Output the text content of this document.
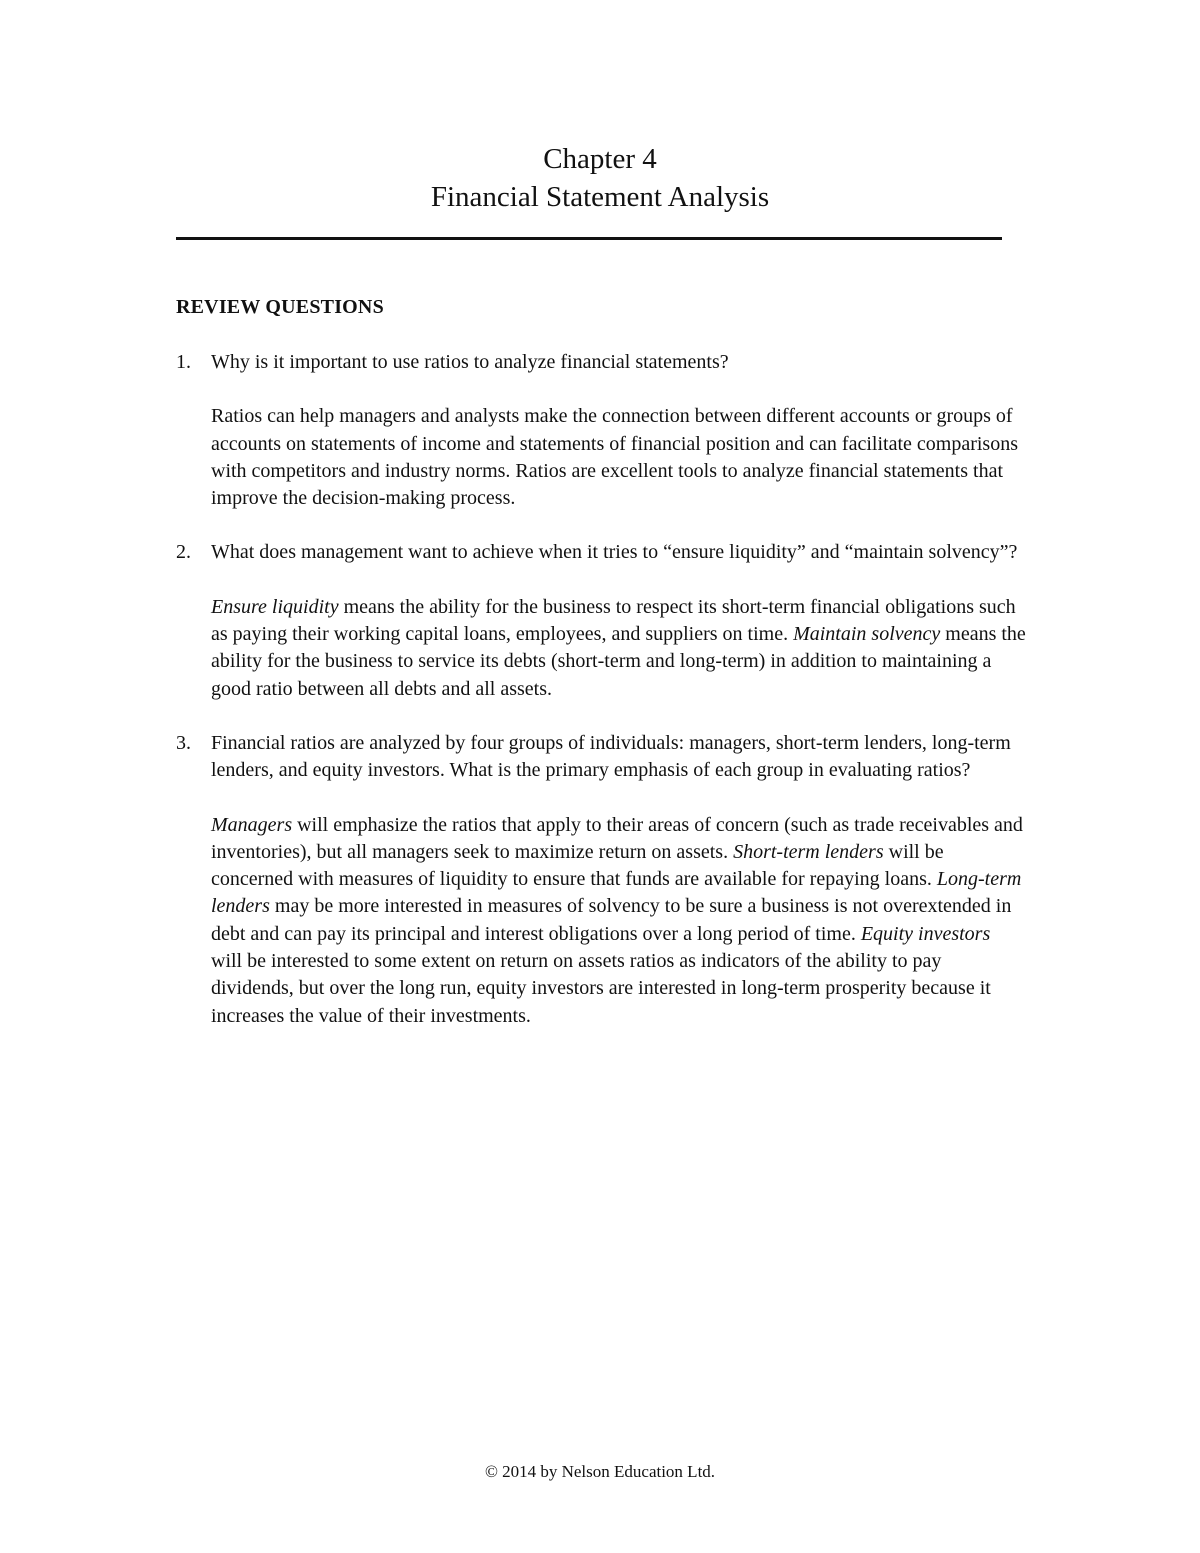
Chapter 4
Financial Statement Analysis
REVIEW QUESTIONS
1. Why is it important to use ratios to analyze financial statements?

Ratios can help managers and analysts make the connection between different accounts or groups of accounts on statements of income and statements of financial position and can facilitate comparisons with competitors and industry norms. Ratios are excellent tools to analyze financial statements that improve the decision-making process.

2. What does management want to achieve when it tries to “ensure liquidity” and “maintain solvency”?

Ensure liquidity means the ability for the business to respect its short-term financial obligations such as paying their working capital loans, employees, and suppliers on time. Maintain solvency means the ability for the business to service its debts (short-term and long-term) in addition to maintaining a good ratio between all debts and all assets.

3. Financial ratios are analyzed by four groups of individuals: managers, short-term lenders, long-term lenders, and equity investors. What is the primary emphasis of each group in evaluating ratios?

Managers will emphasize the ratios that apply to their areas of concern (such as trade receivables and inventories), but all managers seek to maximize return on assets. Short-term lenders will be concerned with measures of liquidity to ensure that funds are available for repaying loans. Long-term lenders may be more interested in measures of solvency to be sure a business is not overextended in debt and can pay its principal and interest obligations over a long period of time. Equity investors will be interested to some extent on return on assets ratios as indicators of the ability to pay dividends, but over the long run, equity investors are interested in long-term prosperity because it increases the value of their investments.

© 2014 by Nelson Education Ltd.
